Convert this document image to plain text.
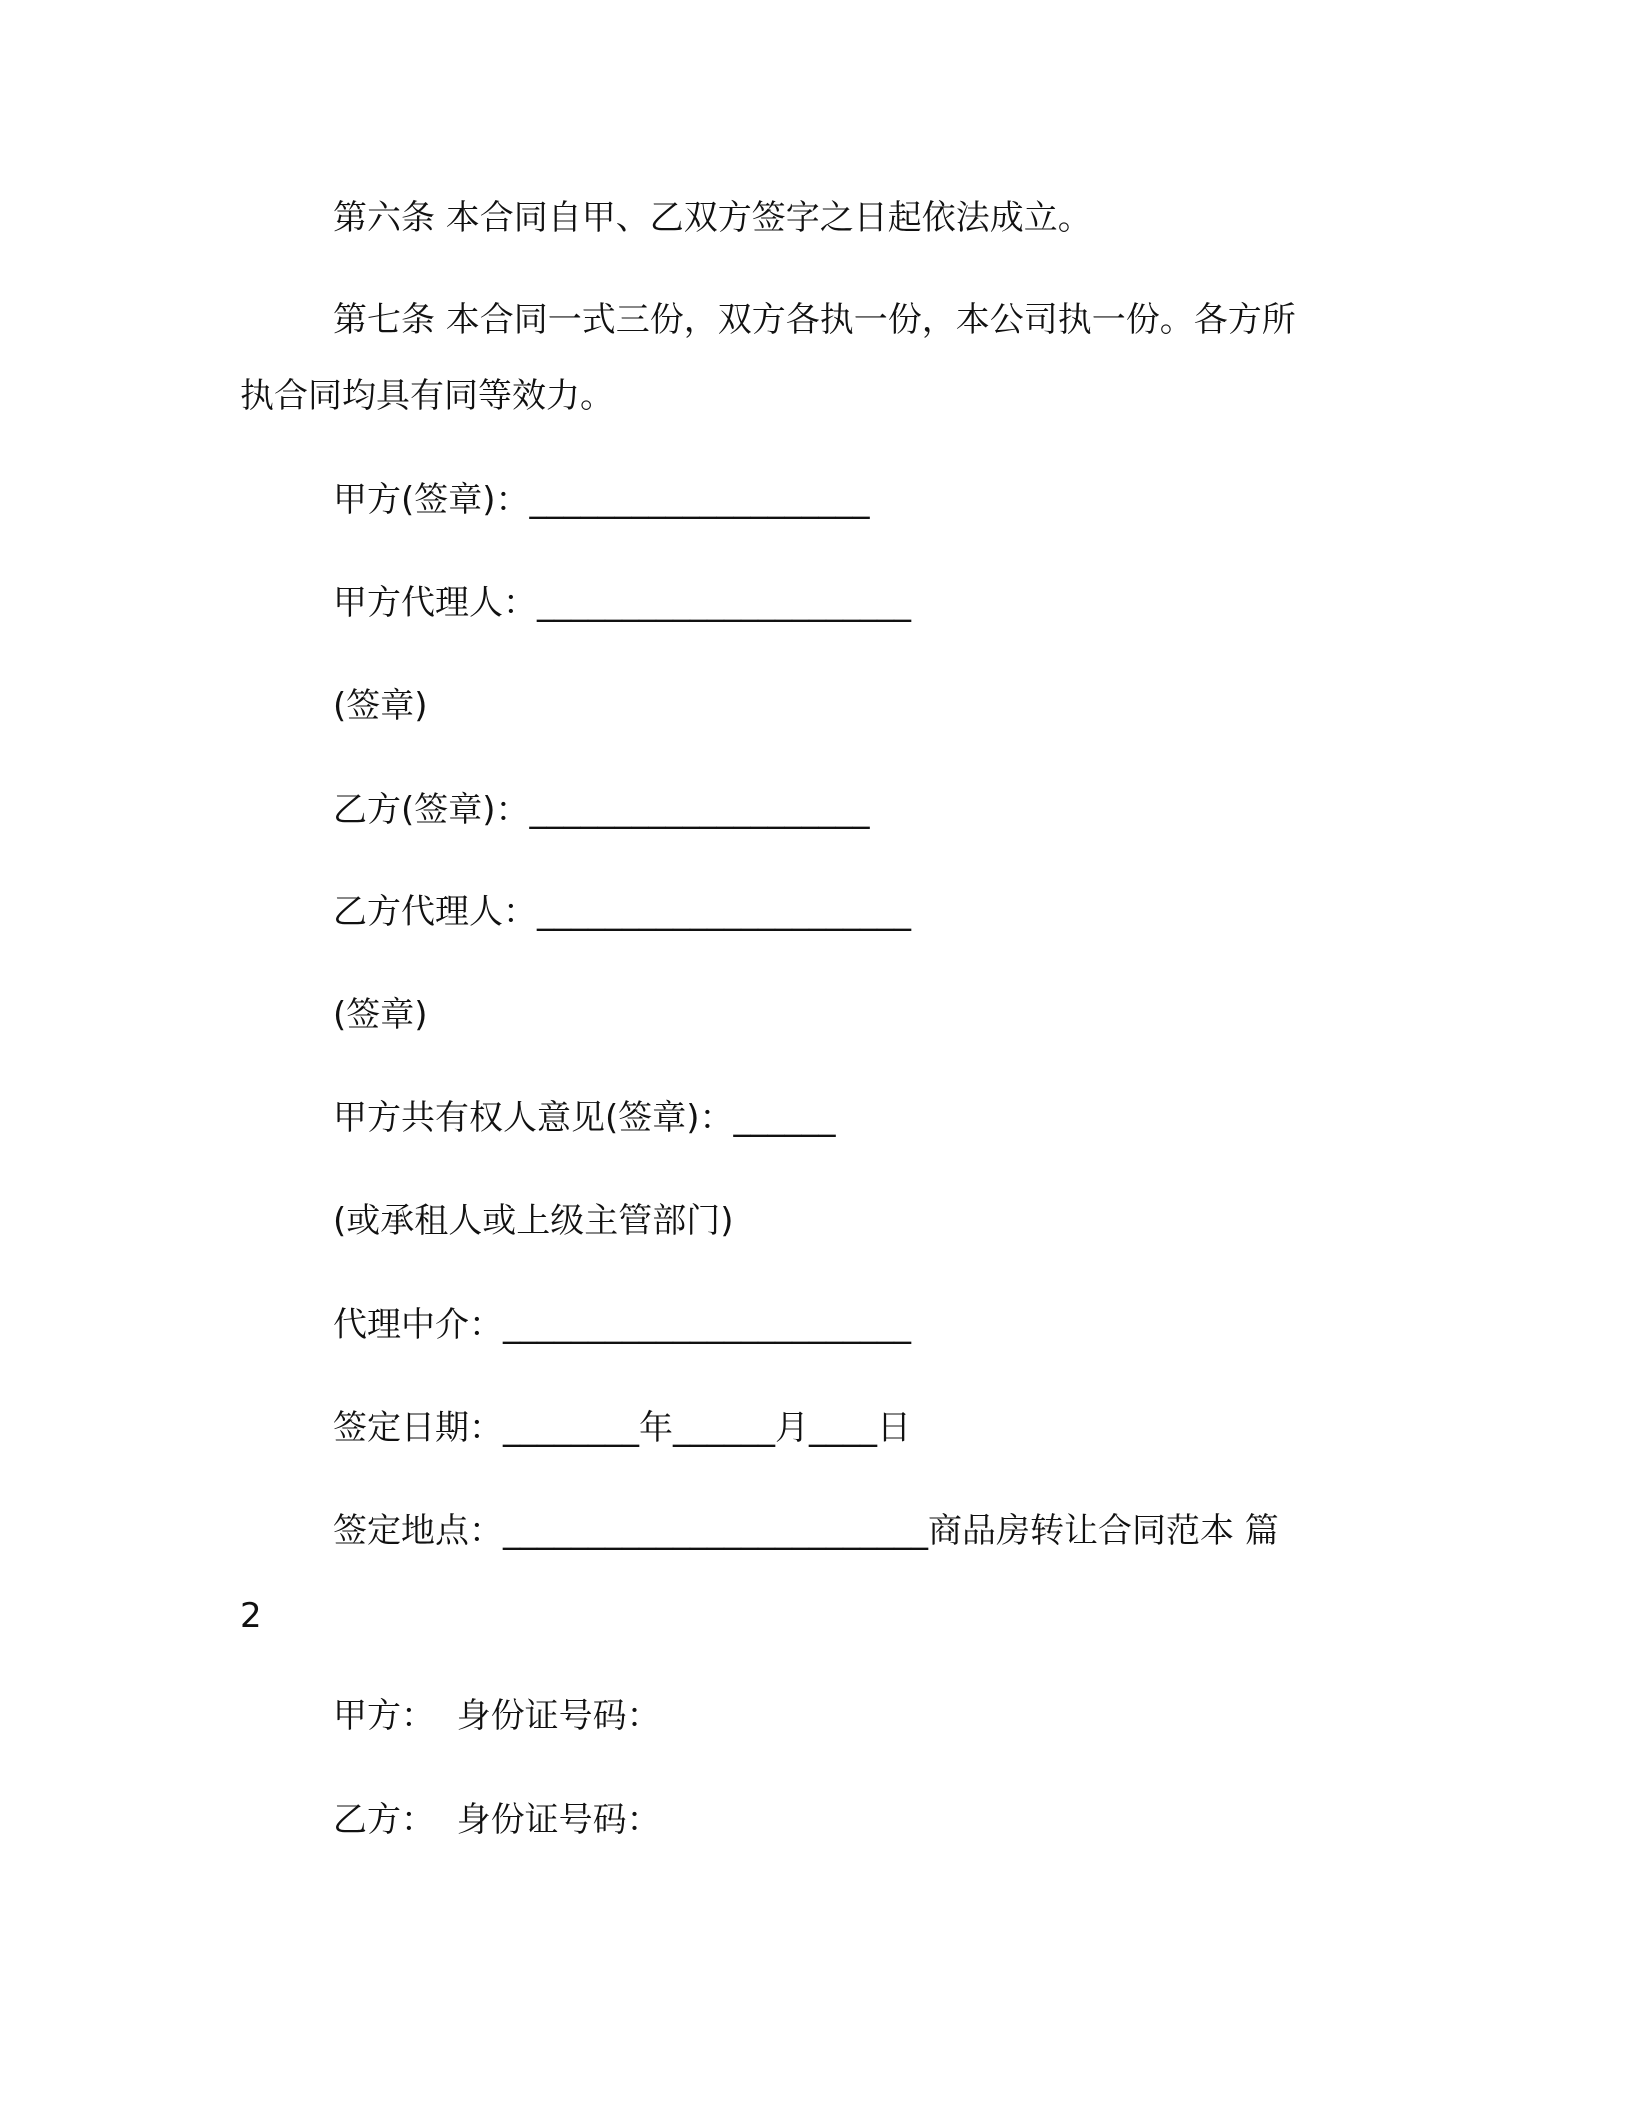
第六条 本合同自甲、乙双方签字之日起依法成立。

第七条 本合同一式三份，双方各执一份，本公司执一份。各方所

执合同均具有同等效力。

甲方(签章)：____________________

甲方代理人：______________________

(签章)

乙方(签章)：____________________

乙方代理人：______________________

(签章)

甲方共有权人意见(签章)：______

(或承租人或上级主管部门)

代理中介：________________________

签定日期：________年______月____日

签定地点：_________________________商品房转让合同范本 篇

2

甲方：  身份证号码：

乙方：  身份证号码：
